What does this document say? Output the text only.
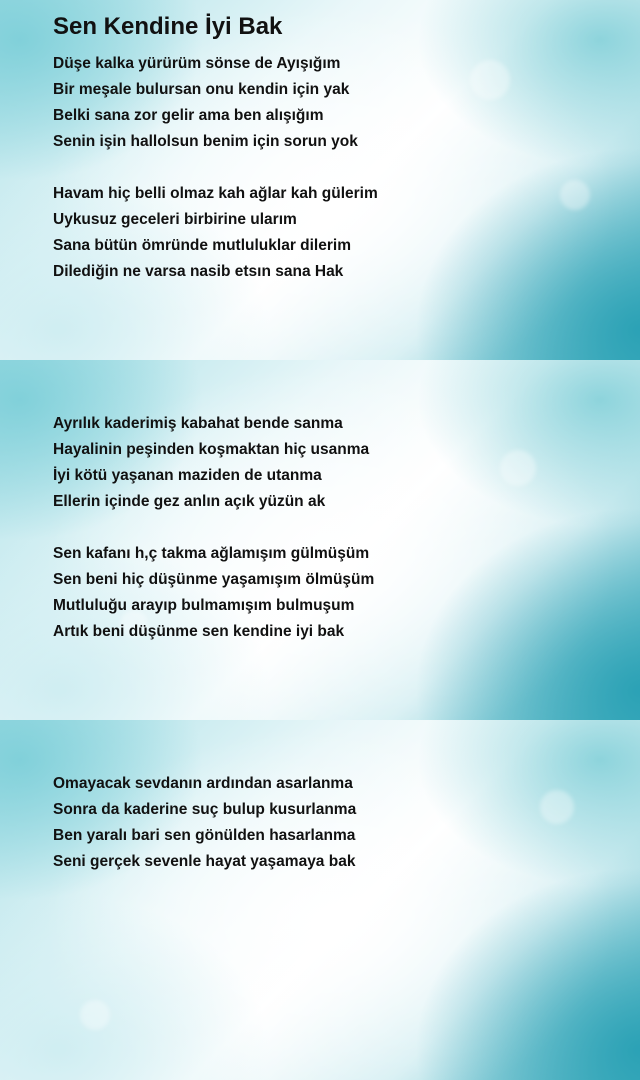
Sen Kendine İyi Bak
Düşe kalka yürürüm sönse de Ayışığım
Bir meşale bulursan onu kendin için yak
Belki sana zor gelir ama ben alışığım
Senin işin hallolsun benim için sorun yok
Havam hiç belli olmaz kah ağlar kah gülerim
Uykusuz geceleri birbirine ularım
Sana bütün ömründe mutluluklar dilerim
Dilediğin ne varsa nasib etsın sana Hak
Ayrılık kaderimiş kabahat bende sanma
Hayalinin peşinden koşmaktan hiç usanma
İyi kötü yaşanan maziden de utanma
Ellerin içinde gez anlın açık yüzün ak
Sen kafanı h,ç takma ağlamışım gülmüşüm
Sen beni hiç düşünme yaşamışım ölmüşüm
Mutluluğu arayıp bulmamışım bulmuşum
Artık beni düşünme sen kendine iyi bak
Omayacak sevdanın ardından asarlanma
Sonra da kaderine suç bulup kusurlanma
Ben yaralı bari sen gönülden hasarlanma
Seni gerçek sevenle hayat yaşamaya bak
